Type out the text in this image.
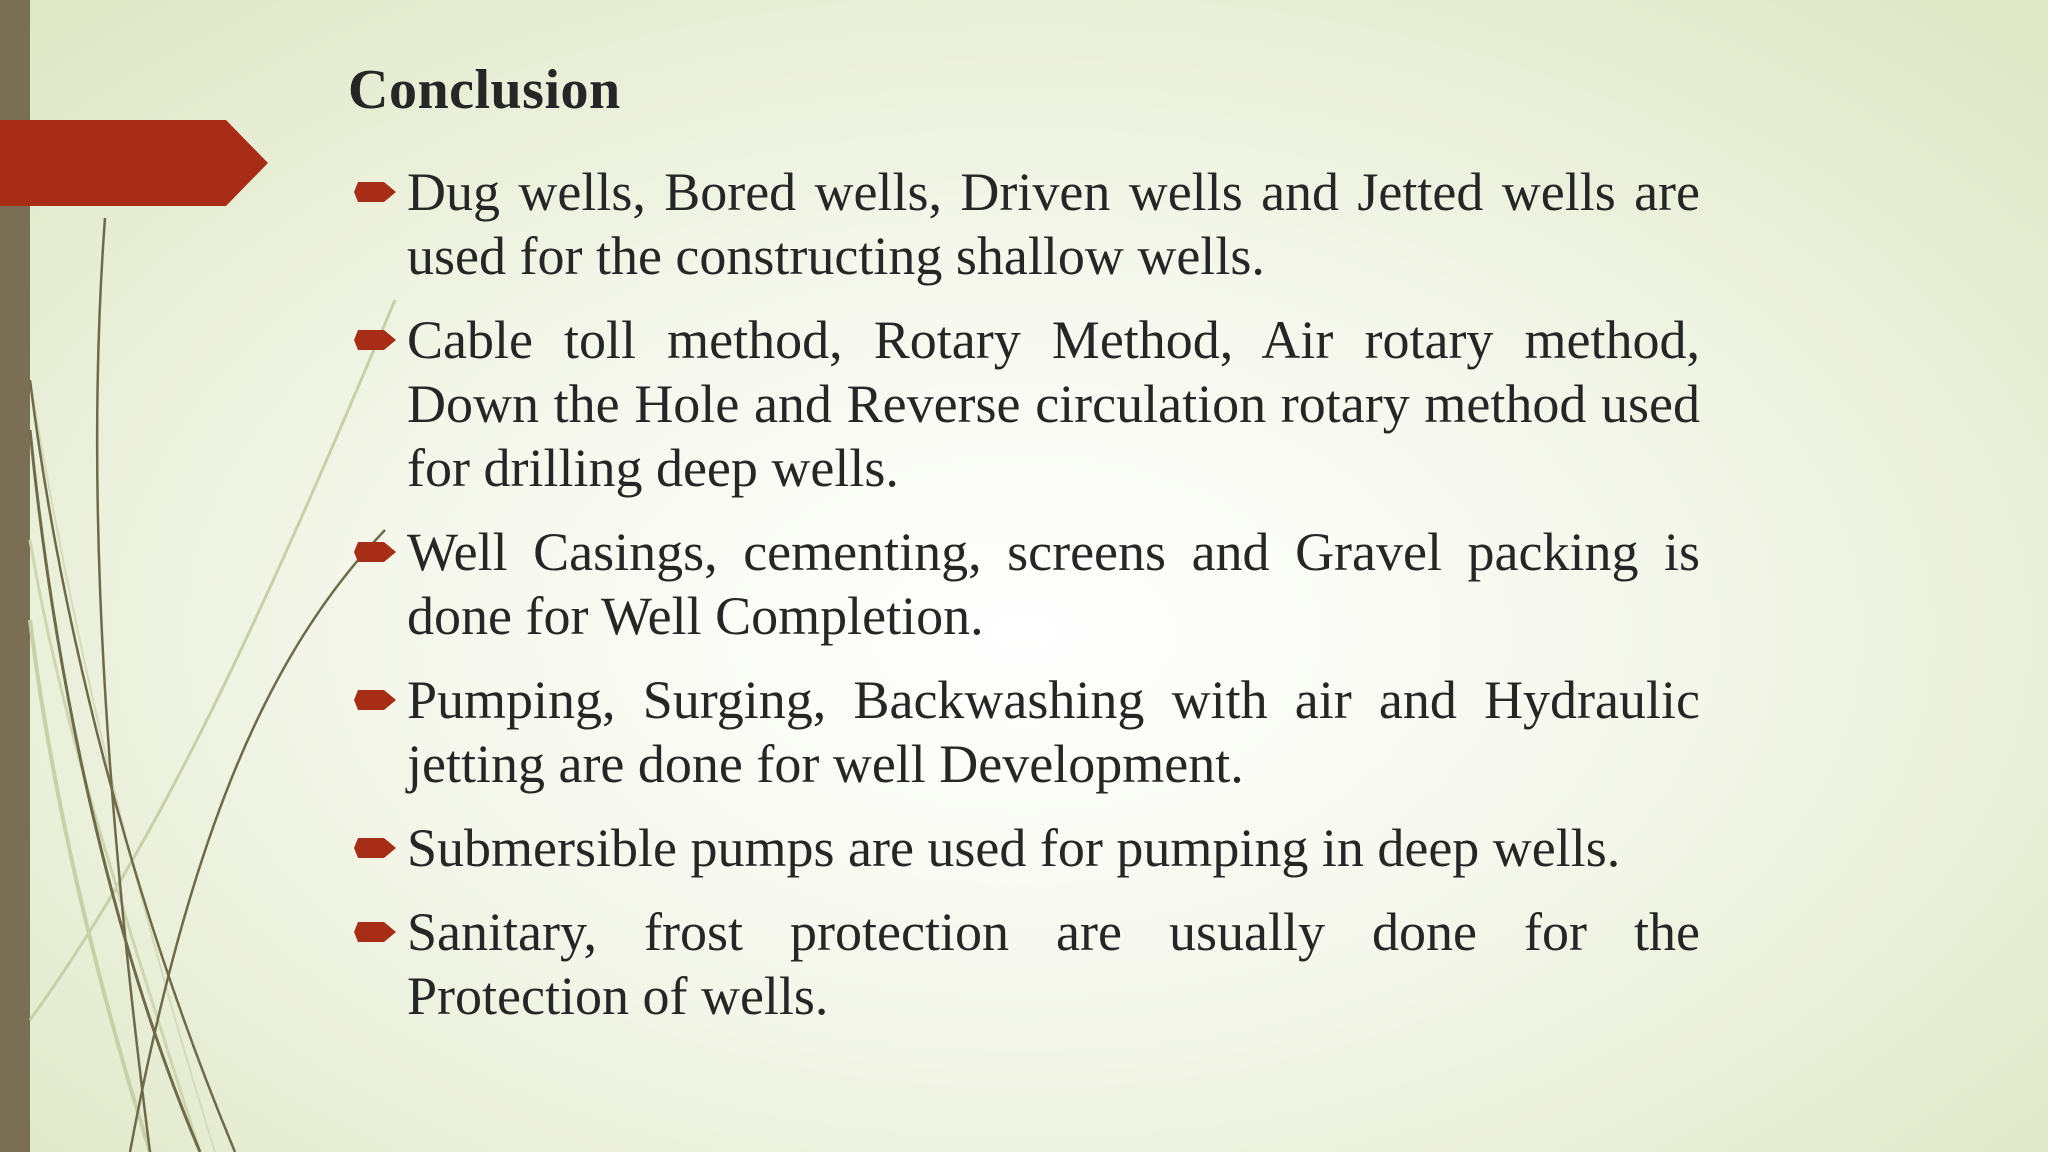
Conclusion
Dug wells, Bored wells, Driven wells and Jetted wells are used for the constructing shallow wells.
Cable toll method, Rotary Method, Air rotary method, Down the Hole and Reverse circulation rotary method used for drilling deep wells.
Well Casings, cementing, screens and Gravel packing is done for Well Completion.
Pumping, Surging, Backwashing with air and Hydraulic jetting are done for well Development.
Submersible pumps are used for pumping in deep wells.
Sanitary, frost protection are usually done for the Protection of wells.
